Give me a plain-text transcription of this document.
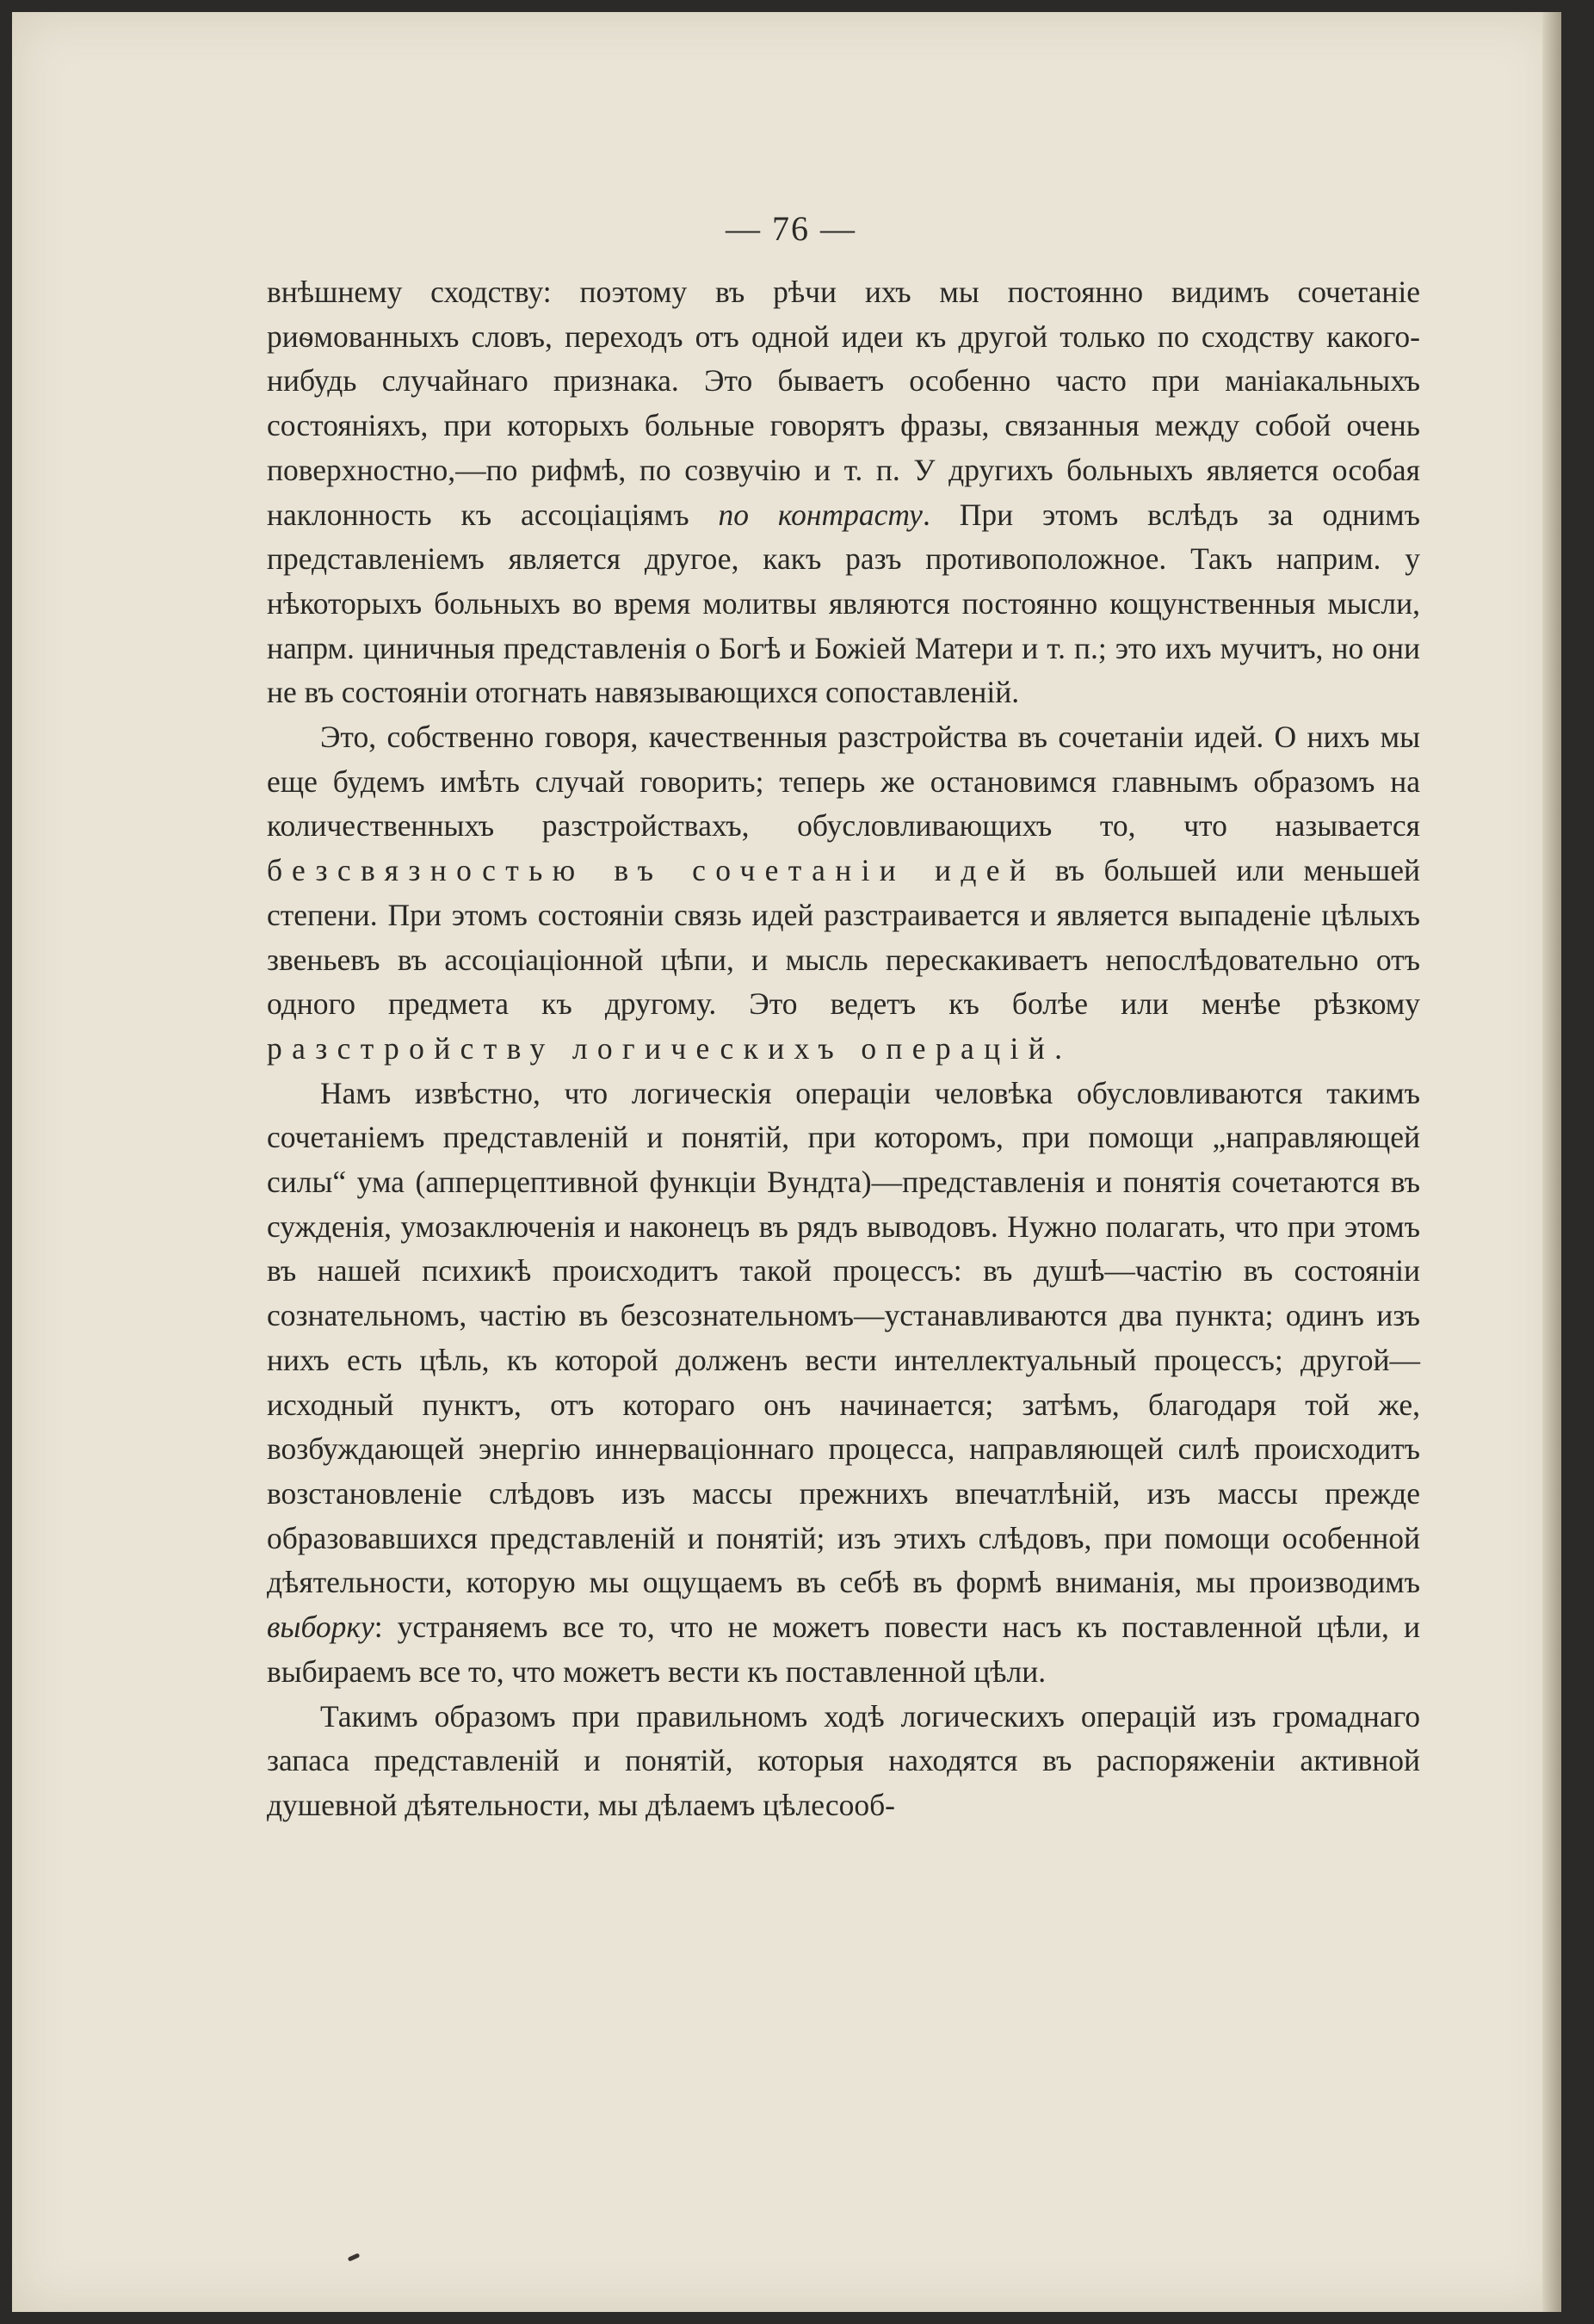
— 76 —

внѣшнему сходству: поэтому въ рѣчи ихъ мы постоянно видимъ сочетаніе риѳмованныхъ словъ, переходъ отъ одной идеи къ другой только по сходству какого-нибудь случайнаго признака. Это бываетъ особенно часто при маніакальныхъ состояніяхъ, при которыхъ больные говорятъ фразы, связанныя между собой очень поверхностно,—по рифмѣ, по созвучію и т. п. У другихъ больныхъ является особая наклонность къ ассоціаціямъ по контрасту. При этомъ вслѣдъ за однимъ представленіемъ является другое, какъ разъ противоположное. Такъ наприм. у нѣкоторыхъ больныхъ во время молитвы являются постоянно кощунственныя мысли, напрм. циничныя представленія о Богѣ и Божіей Матери и т. п.; это ихъ мучитъ, но они не въ состояніи отогнать навязывающихся сопоставленій.

Это, собственно говоря, качественныя разстройства въ сочетаніи идей. О нихъ мы еще будемъ имѣть случай говорить; теперь же остановимся главнымъ образомъ на количественныхъ разстройствахъ, обусловливающихъ то, что называется безсвязностью въ сочетаніи идей въ большей или меньшей степени. При этомъ состояніи связь идей разстраивается и является выпаденіе цѣлыхъ звеньевъ въ ассоціаціонной цѣпи, и мысль перескакиваетъ непослѣдовательно отъ одного предмета къ другому. Это ведетъ къ болѣе или менѣе рѣзкому разстройству логическихъ операцій.

Намъ извѣстно, что логическія операціи человѣка обусловливаются такимъ сочетаніемъ представленій и понятій, при которомъ, при помощи „направляющей силы“ ума (апперцептивной функціи Вундта)—представленія и понятія сочетаются въ сужденія, умозаключенія и наконецъ въ рядъ выводовъ. Нужно полагать, что при этомъ въ нашей психикѣ происходитъ такой процессъ: въ душѣ—частію въ состояніи сознательномъ, частію въ безсознательномъ—устанавливаются два пункта; одинъ изъ нихъ есть цѣль, къ которой долженъ вести интеллектуальный процессъ; другой—исходный пунктъ, отъ котораго онъ начинается; затѣмъ, благодаря той же, возбуждающей энергію иннерваціоннаго процесса, направляющей силѣ происходитъ возстановленіе слѣдовъ изъ массы прежнихъ впечатлѣній, изъ массы прежде образовавшихся представленій и понятій; изъ этихъ слѣдовъ, при помощи особенной дѣятельности, которую мы ощущаемъ въ себѣ въ формѣ вниманія, мы производимъ выборку: устраняемъ все то, что не можетъ повести насъ къ поставленной цѣли, и выбираемъ все то, что можетъ вести къ поставленной цѣли.

Такимъ образомъ при правильномъ ходѣ логическихъ операцій изъ громаднаго запаса представленій и понятій, которыя находятся въ распоряженіи активной душевной дѣятельности, мы дѣлаемъ цѣлесооб-
